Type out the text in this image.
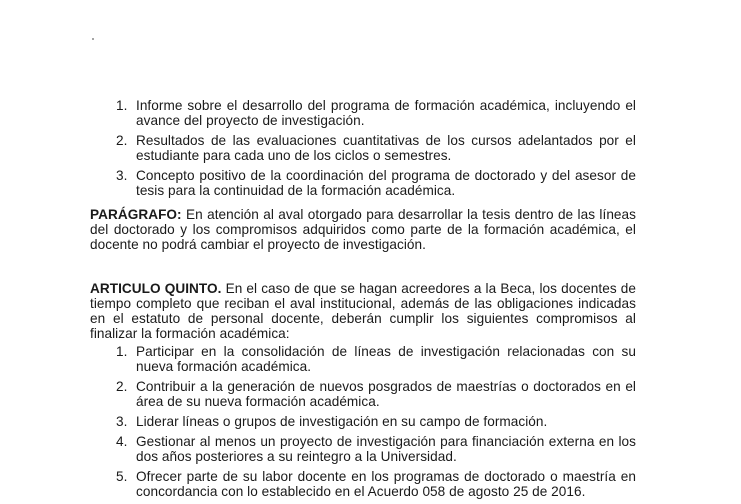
1. Informe sobre el desarrollo del programa de formación académica, incluyendo el avance del proyecto de investigación.
2. Resultados de las evaluaciones cuantitativas de los cursos adelantados por el estudiante para cada uno de los ciclos o semestres.
3. Concepto positivo de la coordinación del programa de doctorado y del asesor de tesis para la continuidad de la formación académica.
PARÁGRAFO: En atención al aval otorgado para desarrollar la tesis dentro de las líneas del doctorado y los compromisos adquiridos como parte de la formación académica, el docente no podrá cambiar el proyecto de investigación.
ARTICULO QUINTO. En el caso de que se hagan acreedores a la Beca, los docentes de tiempo completo que reciban el aval institucional, además de las obligaciones indicadas en el estatuto de personal docente, deberán cumplir los siguientes compromisos al finalizar la formación académica:
1. Participar en la consolidación de líneas de investigación relacionadas con su nueva formación académica.
2. Contribuir a la generación de nuevos posgrados de maestrías o doctorados en el área de su nueva formación académica.
3. Liderar líneas o grupos de investigación en su campo de formación.
4. Gestionar al menos un proyecto de investigación para financiación externa en los dos años posteriores a su reintegro a la Universidad.
5. Ofrecer parte de su labor docente en los programas de doctorado o maestría en concordancia con lo establecido en el Acuerdo 058 de agosto 25 de 2016.
